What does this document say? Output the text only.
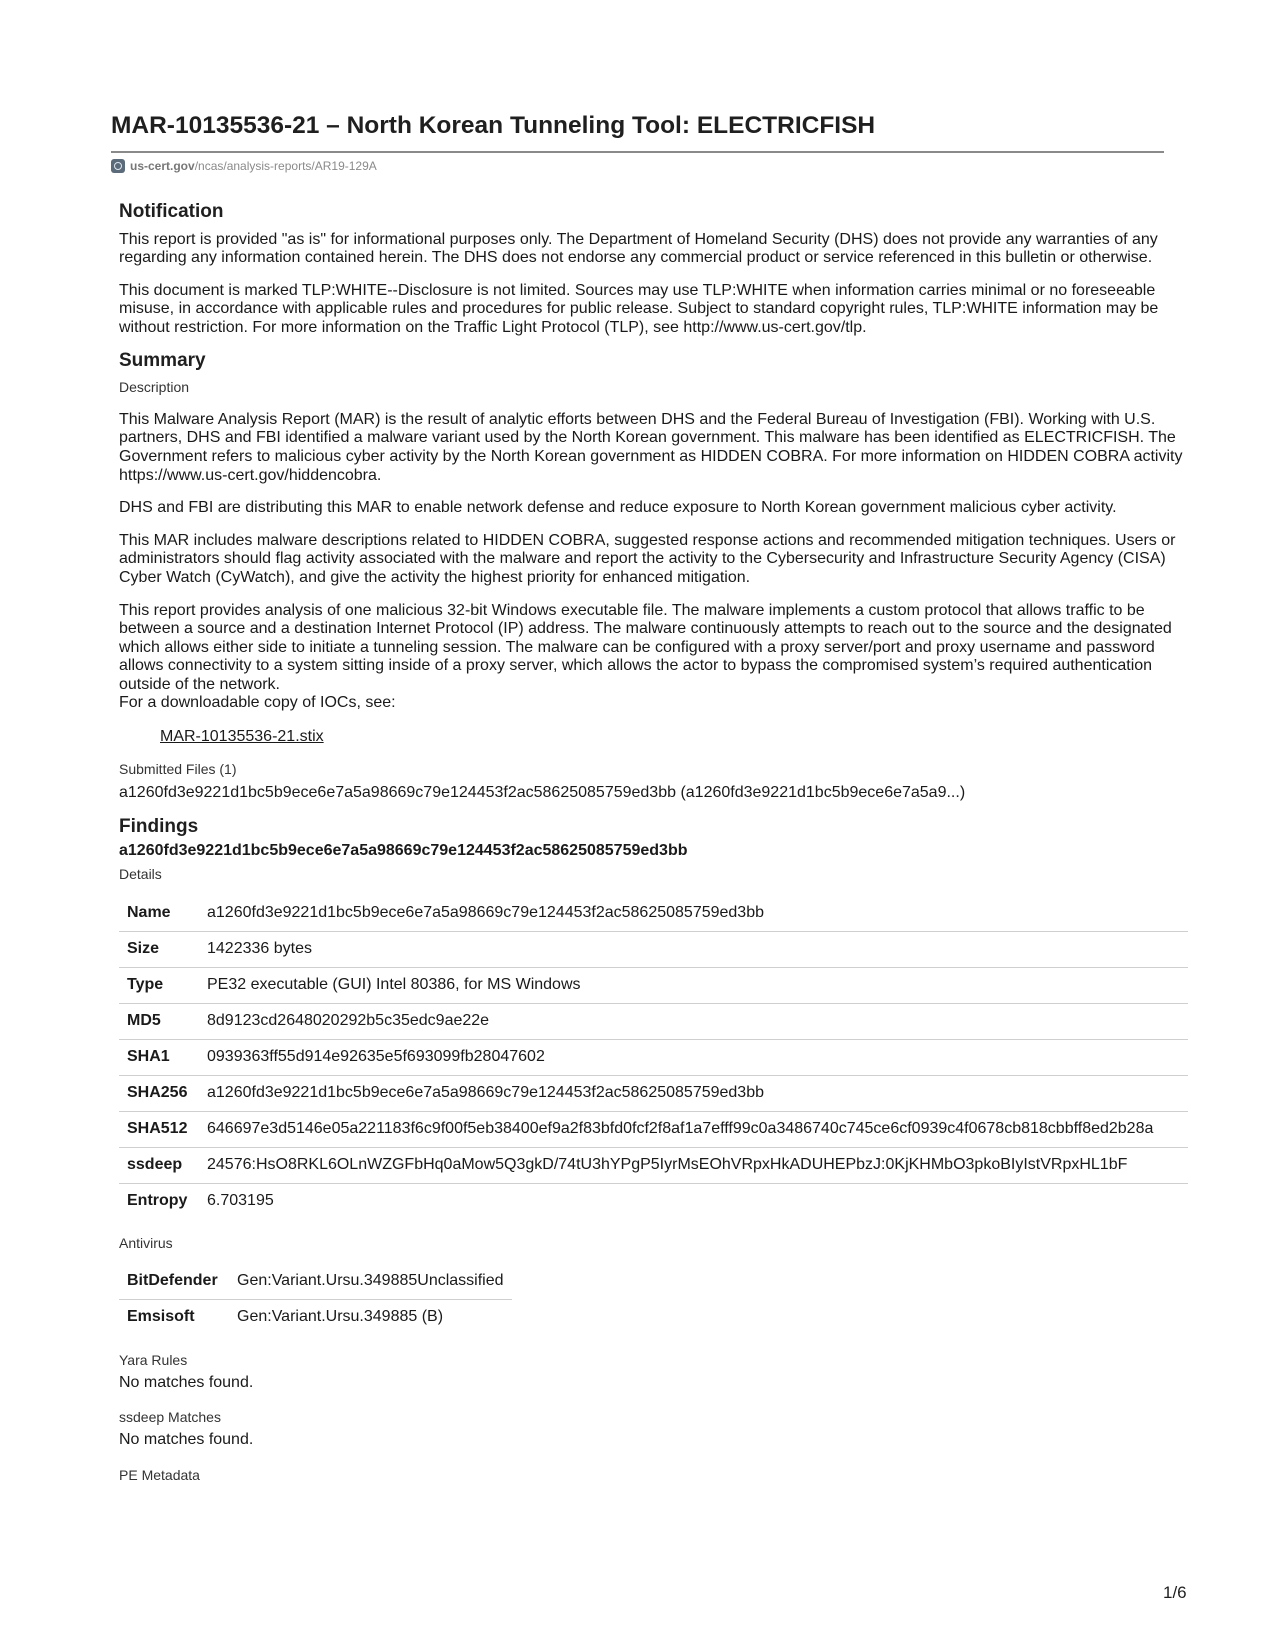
MAR-10135536-21 – North Korean Tunneling Tool: ELECTRICFISH
us-cert.gov /ncas/analysis-reports/AR19-129A
Notification

This report is provided "as is" for informational purposes only. The Department of Homeland Security (DHS) does not provide any warranties of any

regarding any information contained herein. The DHS does not endorse any commercial product or service referenced in this bulletin or otherwise.

This document is marked TLP:WHITE--Disclosure is not limited. Sources may use TLP:WHITE when information carries minimal or no foreseeable

misuse, in accordance with applicable rules and procedures for public release. Subject to standard copyright rules, TLP:WHITE information may be

without restriction. For more information on the Traffic Light Protocol (TLP), see http://www.us-cert.gov/tlp.

Summary

Description

This Malware Analysis Report (MAR) is the result of analytic efforts between DHS and the Federal Bureau of Investigation (FBI). Working with U.S.

partners, DHS and FBI identified a malware variant used by the North Korean government. This malware has been identified as ELECTRICFISH. The

Government refers to malicious cyber activity by the North Korean government as HIDDEN COBRA. For more information on HIDDEN COBRA activity

https://www.us-cert.gov/hiddencobra.

DHS and FBI are distributing this MAR to enable network defense and reduce exposure to North Korean government malicious cyber activity.

This MAR includes malware descriptions related to HIDDEN COBRA, suggested response actions and recommended mitigation techniques. Users or

administrators should flag activity associated with the malware and report the activity to the Cybersecurity and Infrastructure Security Agency (CISA)

Cyber Watch (CyWatch), and give the activity the highest priority for enhanced mitigation.

This report provides analysis of one malicious 32-bit Windows executable file. The malware implements a custom protocol that allows traffic to be

between a source and a destination Internet Protocol (IP) address. The malware continuously attempts to reach out to the source and the designated

which allows either side to initiate a tunneling session. The malware can be configured with a proxy server/port and proxy username and password

allows connectivity to a system sitting inside of a proxy server, which allows the actor to bypass the compromised system’s required authentication

outside of the network.

For a downloadable copy of IOCs, see:

MAR-10135536-21.stix

Submitted Files (1)

a1260fd3e9221d1bc5b9ece6e7a5a98669c79e124453f2ac58625085759ed3bb (a1260fd3e9221d1bc5b9ece6e7a5a9...)

Findings

a1260fd3e9221d1bc5b9ece6e7a5a98669c79e124453f2ac58625085759ed3bb

Details

Name	a1260fd3e9221d1bc5b9ece6e7a5a98669c79e124453f2ac58625085759ed3bb
Size	1422336 bytes
Type	PE32 executable (GUI) Intel 80386, for MS Windows
MD5	8d9123cd2648020292b5c35edc9ae22e
SHA1	0939363ff55d914e92635e5f693099fb28047602
SHA256	a1260fd3e9221d1bc5b9ece6e7a5a98669c79e124453f2ac58625085759ed3bb
SHA512	646697e3d5146e05a221183f6c9f00f5eb38400ef9a2f83bfd0fcf2f8af1a7efff99c0a3486740c745ce6cf0939c4f0678cb818cbbff8ed2b28a
ssdeep	24576:HsO8RKL6OLnWZGFbHq0aMow5Q3gkD/74tU3hYPgP5IyrMsEOhVRpxHkADUHEPbzJ:0KjKHMbO3pkoBIyIstVRpxHL1bF
Entropy	6.703195

Antivirus

BitDefender	Gen:Variant.Ursu.349885Unclassified
Emsisoft	Gen:Variant.Ursu.349885 (B)

Yara Rules

No matches found.

ssdeep Matches

No matches found.

PE Metadata

1/6
